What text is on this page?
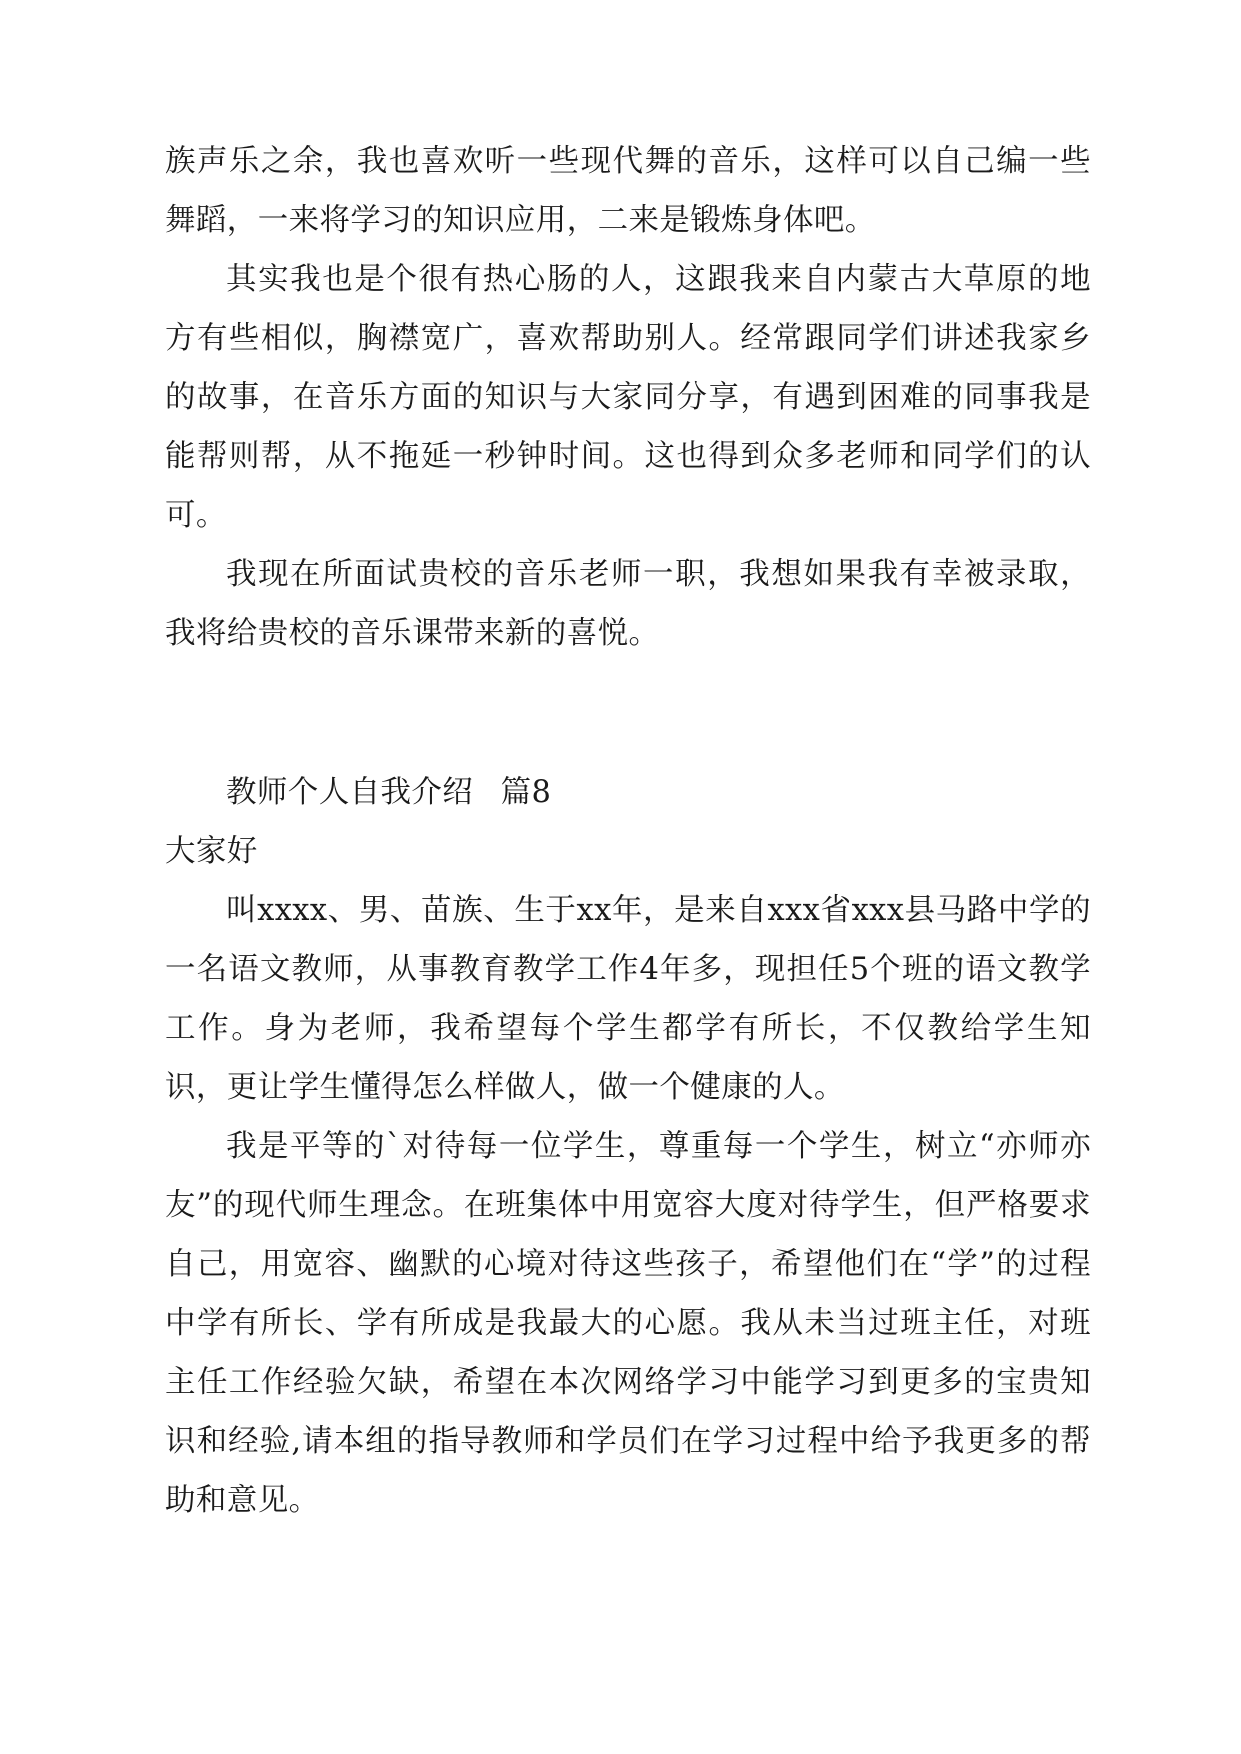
族声乐之余，我也喜欢听一些现代舞的音乐，这样可以自己编一些舞蹈，一来将学习的知识应用，二来是锻炼身体吧。

其实我也是个很有热心肠的人，这跟我来自内蒙古大草原的地方有些相似，胸襟宽广，喜欢帮助别人。经常跟同学们讲述我家乡的故事，在音乐方面的知识与大家同分享，有遇到困难的同事我是能帮则帮，从不拖延一秒钟时间。这也得到众多老师和同学们的认可。

我现在所面试贵校的音乐老师一职，我想如果我有幸被录取，我将给贵校的音乐课带来新的喜悦。

教师个人自我介绍 篇8

大家好

叫xxxx、男、苗族、生于xx年，是来自xxx省xxx县马路中学的一名语文教师，从事教育教学工作4年多，现担任5个班的语文教学工作。身为老师，我希望每个学生都学有所长，不仅教给学生知识，更让学生懂得怎么样做人，做一个健康的人。

我是平等的`对待每一位学生，尊重每一个学生，树立“亦师亦友”的现代师生理念。在班集体中用宽容大度对待学生，但严格要求自己，用宽容、幽默的心境对待这些孩子，希望他们在“学”的过程中学有所长、学有所成是我最大的心愿。我从未当过班主任，对班主任工作经验欠缺，希望在本次网络学习中能学习到更多的宝贵知识和经验,请本组的指导教师和学员们在学习过程中给予我更多的帮助和意见。
